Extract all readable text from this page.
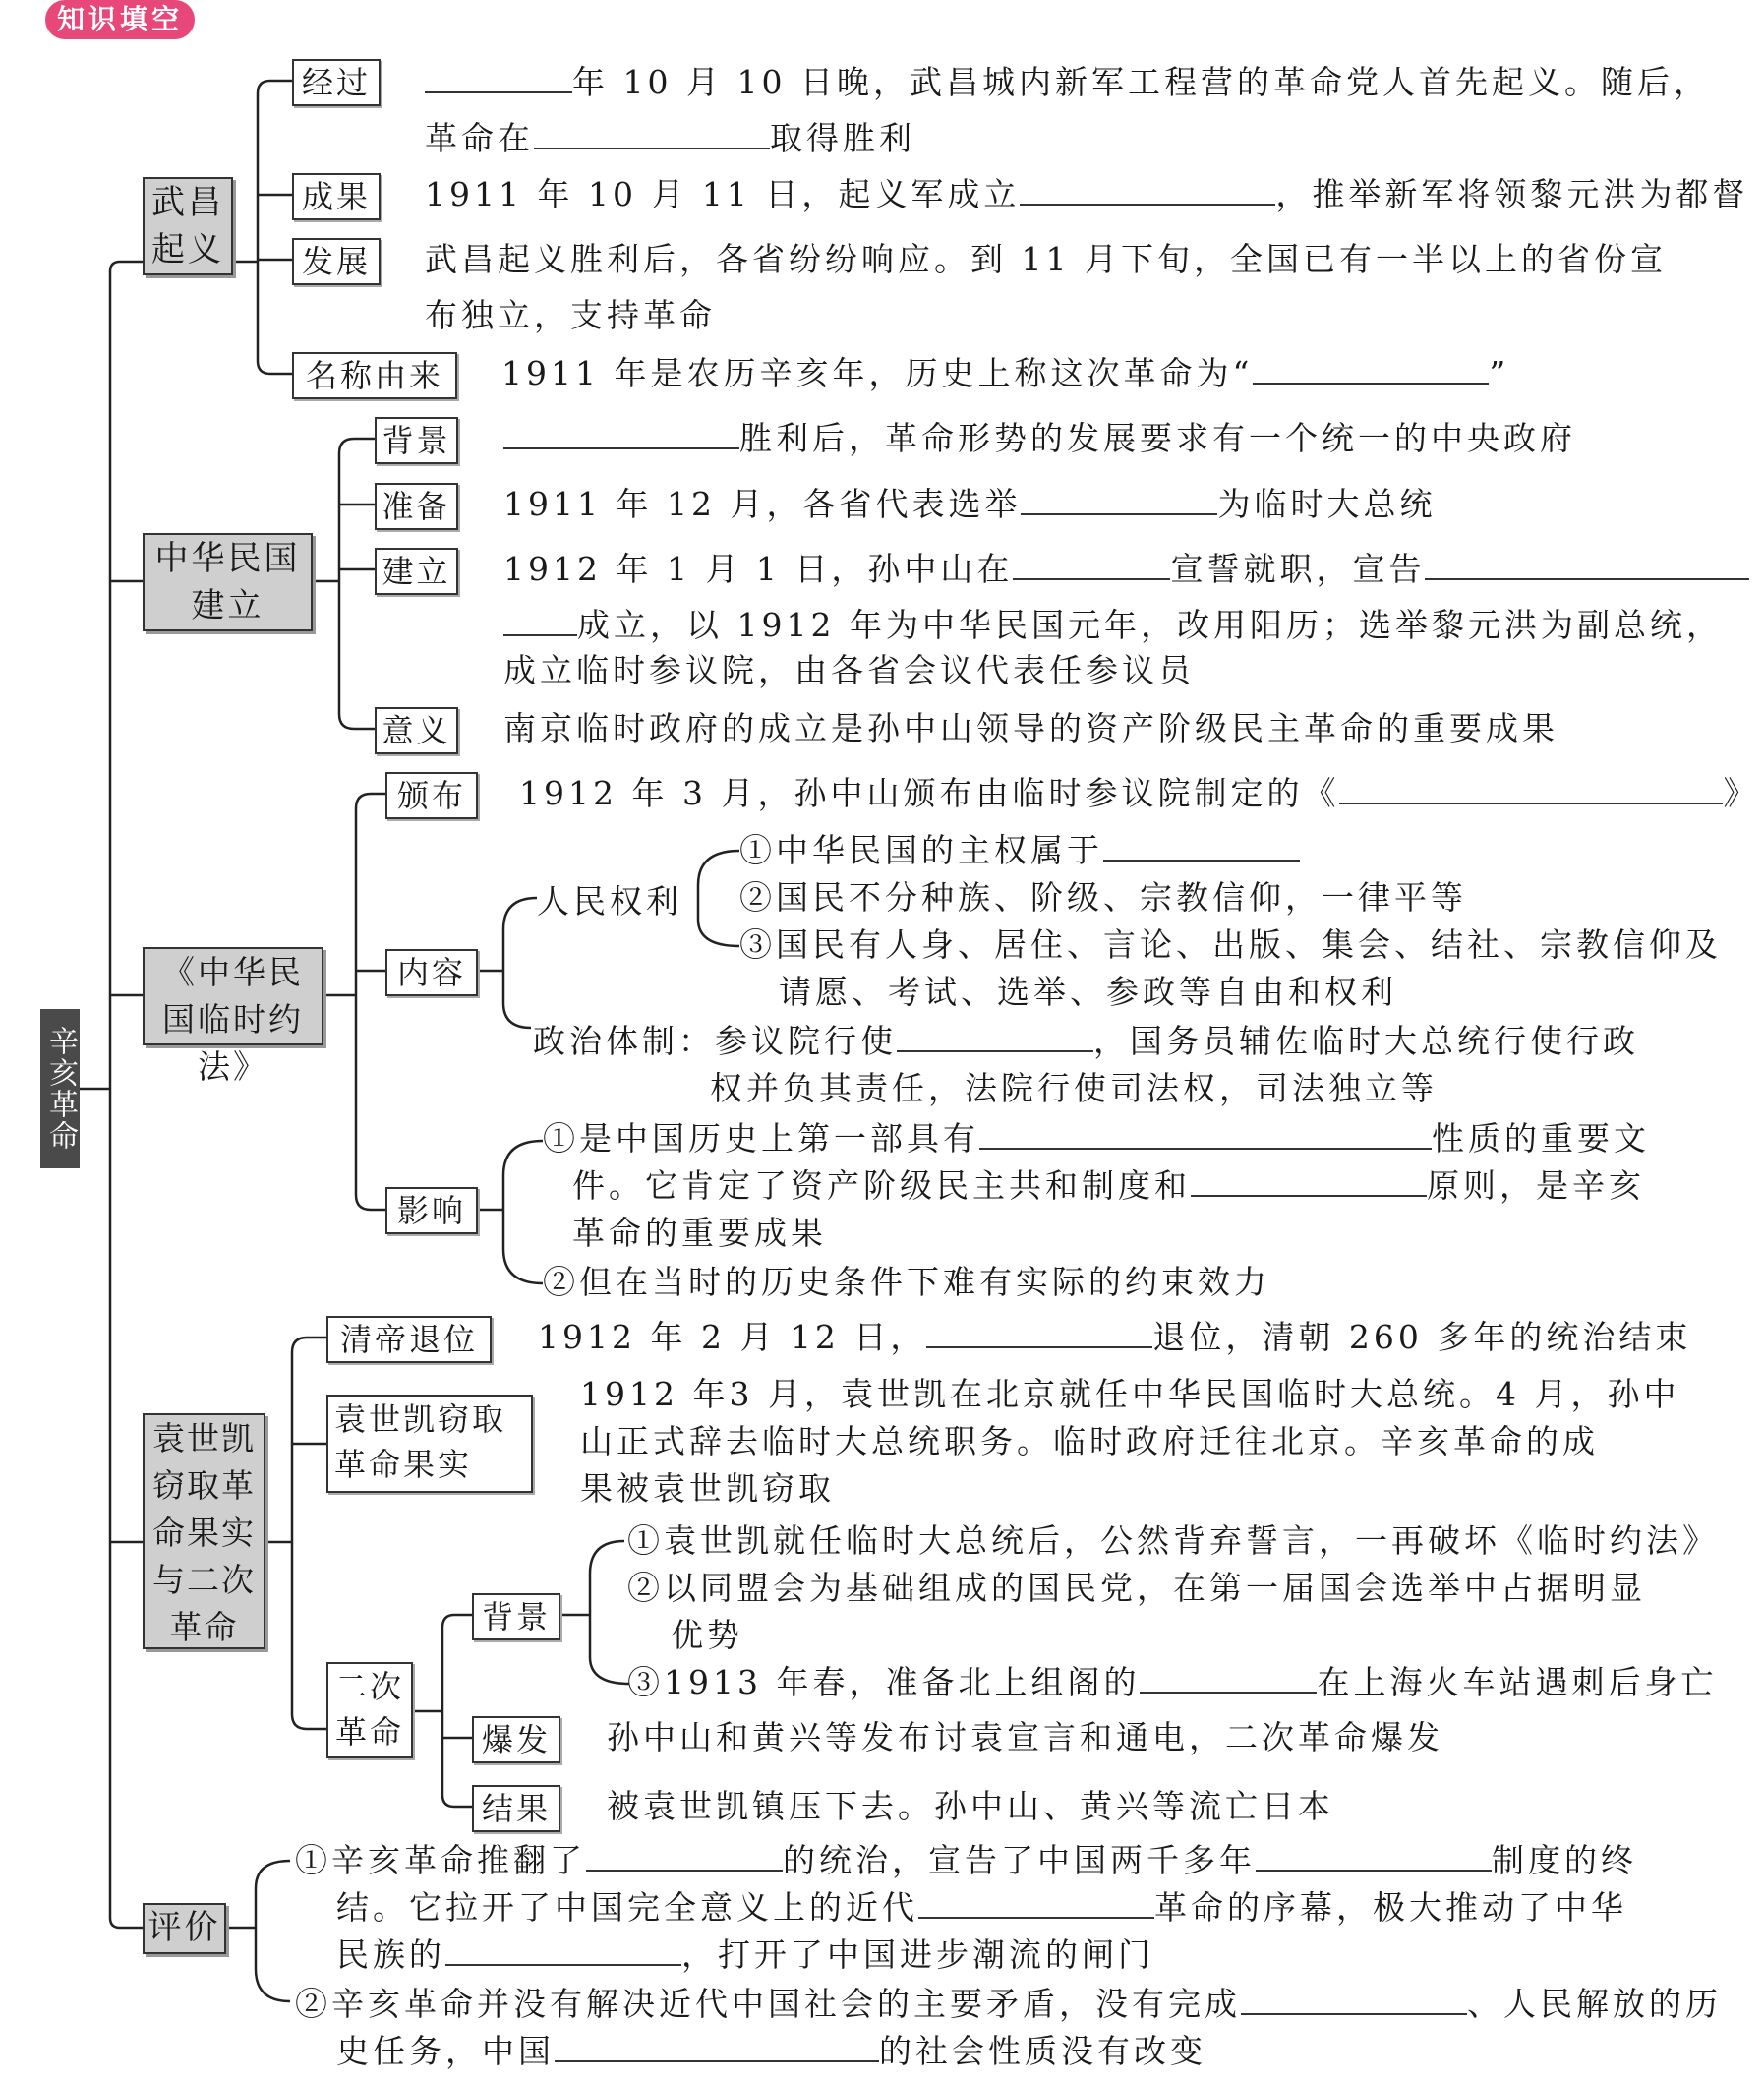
知识填空
辛亥革命
武昌起义
经过	年 10 月 10 日晚，武昌城内新军工程营的革命党人首先起义。随后，
革命在	取得胜利
成果	1911 年 10 月 11 日，起义军成立	，推举新军将领黎元洪为都督
发展	武昌起义胜利后，各省纷纷响应。到 11 月下旬，全国已有一半以上的省份宣
布独立，支持革命
名称由来	1911 年是农历辛亥年，历史上称这次革命为“	”
中华民国建立
背景	胜利后，革命形势的发展要求有一个统一的中央政府
准备 1911 年 12 月，各省代表选举	为临时大总统
建立 1912 年 1 月 1 日，孙中山在	宣誓就职，宣告
成立，以 1912 年为中华民国元年，改用阳历；选举黎元洪为副总统，
成立临时参议院，由各省会议代表任参议员
意义 南京临时政府的成立是孙中山领导的资产阶级民主革命的重要成果
《中华民国临时约法》
颁布	1912 年 3 月，孙中山颁布由临时参议院制定的《	》
内容
人民权利
①中华民国的主权属于
②国民不分种族、阶级、宗教信仰，一律平等
③国民有人身、居住、言论、出版、集会、结社、宗教信仰及
请愿、考试、选举、参政等自由和权利
政治体制：参议院行使	，国务员辅佐临时大总统行使行政
权并负其责任，法院行使司法权，司法独立等
影响
①是中国历史上第一部具有	性质的重要文
件。它肯定了资产阶级民主共和制度和	原则，是辛亥
革命的重要成果
②但在当时的历史条件下难有实际的约束效力
袁世凯窃取革命果实与二次革命
清帝退位	1912 年 2 月 12 日，	退位，清朝 260 多年的统治结束
袁世凯窃取革命果实
1912 年3 月，袁世凯在北京就任中华民国临时大总统。4 月，孙中
山正式辞去临时大总统职务。临时政府迁往北京。辛亥革命的成
果被袁世凯窃取
二次革命
背景
①袁世凯就任临时大总统后，公然背弃誓言，一再破坏《临时约法》
②以同盟会为基础组成的国民党，在第一届国会选举中占据明显
优势
③1913 年春，准备北上组阁的	在上海火车站遇刺后身亡
爆发	孙中山和黄兴等发布讨袁宣言和通电，二次革命爆发
结果	被袁世凯镇压下去。孙中山、黄兴等流亡日本
评价
①辛亥革命推翻了	的统治，宣告了中国两千多年	制度的终
结。它拉开了中国完全意义上的近代	革命的序幕，极大推动了中华
民族的	，打开了中国进步潮流的闸门
②辛亥革命并没有解决近代中国社会的主要矛盾，没有完成	、人民解放的历
史任务，中国	的社会性质没有改变
